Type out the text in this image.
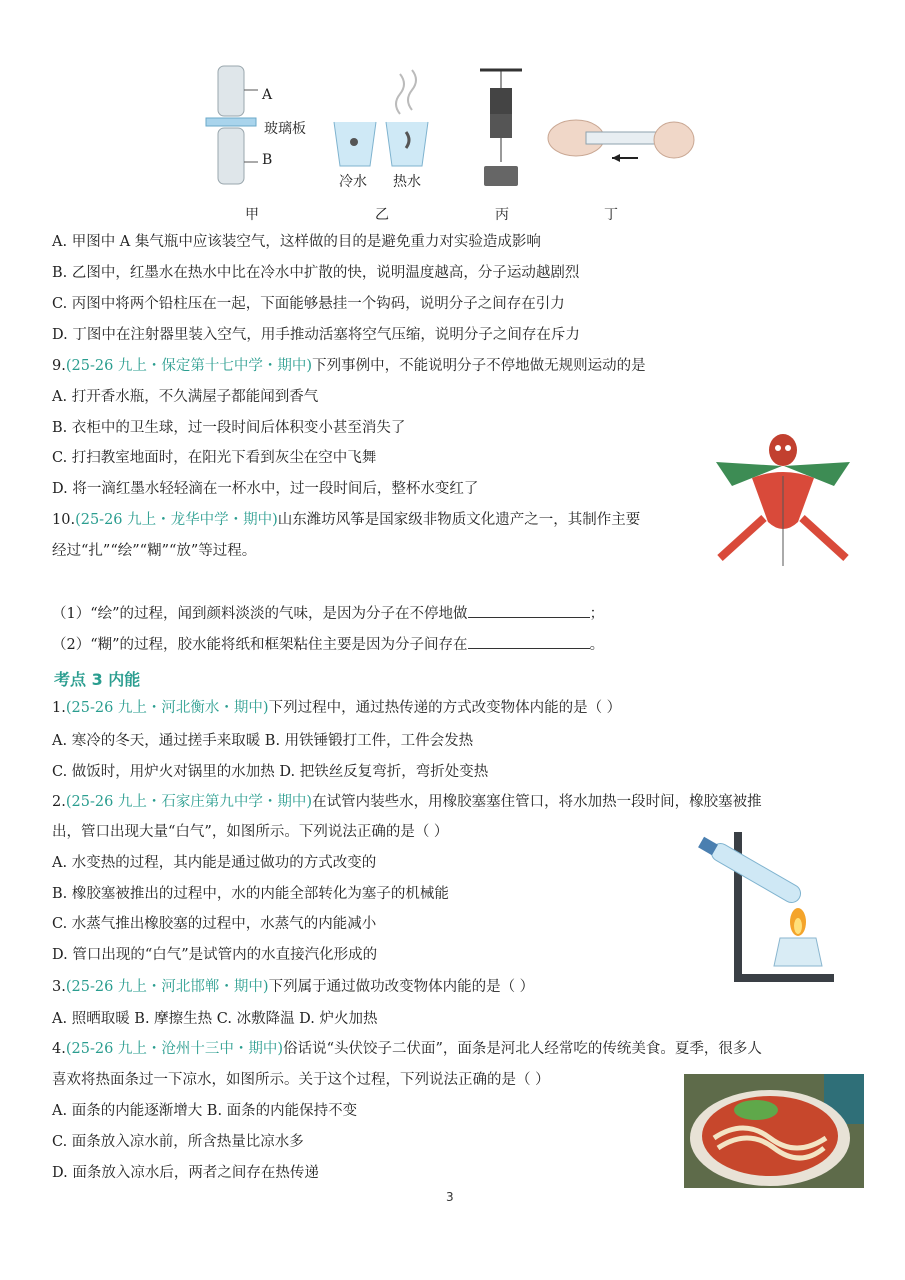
A
玻璃板
B
冷水 热水
甲	乙	丙	丁
A. 甲图中 A 集气瓶中应该装空气，这样做的目的是避免重力对实验造成影响
B. 乙图中，红墨水在热水中比在冷水中扩散的快，说明温度越高，分子运动越剧烈
C. 丙图中将两个铅柱压在一起，下面能够悬挂一个钩码，说明分子之间存在引力
D. 丁图中在注射器里装入空气，用手推动活塞将空气压缩，说明分子之间存在斥力
9.(25-26 九上・保定第十七中学・期中)下列事例中，不能说明分子不停地做无规则运动的是
A. 打开香水瓶，不久满屋子都能闻到香气
B. 衣柜中的卫生球，过一段时间后体积变小甚至消失了
C. 打扫教室地面时，在阳光下看到灰尘在空中飞舞
D. 将一滴红墨水轻轻滴在一杯水中，过一段时间后，整杯水变红了
10.(25-26 九上・龙华中学・期中)山东潍坊风筝是国家级非物质文化遗产之一，其制作主要
经过“扎”“绘”“糊”“放”等过程。
（1）“绘”的过程，闻到颜料淡淡的气味，是因为分子在不停地做	；
（2）“糊”的过程，胶水能将纸和框架粘住主要是因为分子间存在	。
考点 3 内能
1.(25-26 九上・河北衡水・期中)下列过程中，通过热传递的方式改变物体内能的是（ ）
A. 寒冷的冬天，通过搓手来取暖 B. 用铁锤锻打工件，工件会发热
C. 做饭时，用炉火对锅里的水加热 D. 把铁丝反复弯折，弯折处变热
2.(25-26 九上・石家庄第九中学・期中)在试管内装些水，用橡胶塞塞住管口，将水加热一段时间，橡胶塞被推
出，管口出现大量“白气”，如图所示。下列说法正确的是（ ）
A. 水变热的过程，其内能是通过做功的方式改变的
B. 橡胶塞被推出的过程中，水的内能全部转化为塞子的机械能
C. 水蒸气推出橡胶塞的过程中，水蒸气的内能减小
D. 管口出现的“白气”是试管内的水直接汽化形成的
3.(25-26 九上・河北邯郸・期中)下列属于通过做功改变物体内能的是（ ）
A. 照晒取暖 B. 摩擦生热 C. 冰敷降温 D. 炉火加热
4.(25-26 九上・沧州十三中・期中)俗话说“头伏饺子二伏面”，面条是河北人经常吃的传统美食。夏季，很多人
喜欢将热面条过一下凉水，如图所示。关于这个过程，下列说法正确的是（ ）
A. 面条的内能逐渐增大 B. 面条的内能保持不变
C. 面条放入凉水前，所含热量比凉水多
D. 面条放入凉水后，两者之间存在热传递
3
